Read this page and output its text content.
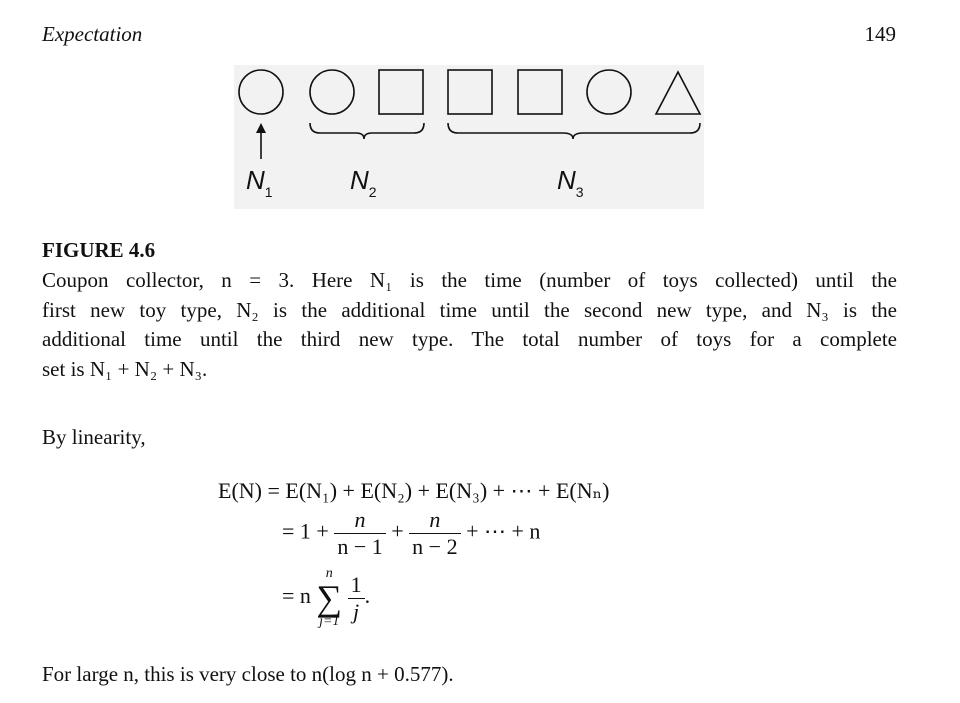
Expectation	149
$N_1$	$N_2$	$N_3$
FIGURE 4.6
Coupon collector, n = 3. Here N₁ is the time (number of toys collected) until the
first new toy type, N₂ is the additional time until the second new type, and N₃ is the
additional time until the third new type. The total number of toys for a complete
set is N₁ + N₂ + N₃.
By linearity,
E(N) = E(N₁) + E(N₂) + E(N₃) + ⋯ + E(Nₙ)
= $1 + \frac{n}{n - 1} + \frac{n}{n - 2}$ + ⋯ + n
= n
n
∑
j=1
$\frac{1}{j}$ .
For large n, this is very close to n(log n + 0.577).
